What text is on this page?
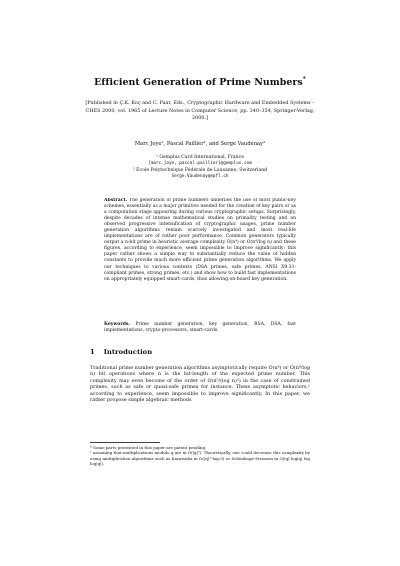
Efficient Generation of Prime Numbers*
[Published in Ç.K. Koç and C. Paar, Eds., Cryptographic Hardware and Embedded Systems – CHES 2000, vol. 1965 of Lecture Notes in Computer Science, pp. 340–354, Springer-Verlag, 2000.]
Marc Joye¹, Pascal Paillier¹, and Serge Vaudenay²
¹ Gemplus Card International, France
{marc.joye, pascal.paillier}@gemplus.com
² École Polytechnique Fédérale de Lausanne, Switzerland
Serge.Vaudenay@epfl.ch
Abstract. The generation of prime numbers underlies the use of most public-key schemes, essentially as a major primitive needed for the creation of key pairs or as a computation stage appearing during various cryptographic setups. Surprisingly, despite decades of intense mathematical studies on primality testing and an observed progressive intensification of cryptographic usages, prime number generation algorithms remain scarcely investigated and most real-life implementations are of rather poor performance. Common generators typically output a n-bit prime in heuristic average complexity O(n⁴) or O(n⁴/log n) and these figures, according to experience, seem impossible to improve significantly: this paper rather shows a simple way to substantially reduce the value of hidden constants to provide much more efficient prime generation algorithms. We apply our techniques to various contexts (DSA primes, safe primes, ANSI X9.31-compliant primes, strong primes, etc.) and show how to build fast implementations on appropriately equipped smart-cards, thus allowing on-board key generation.
Keywords. Prime number generation, key generation, RSA, DSA, fast implementations, crypto-processors, smart-cards.
1 Introduction
Traditional prime number generation algorithms asymptotically require O(n⁴) or O(n⁴/log n) bit operations where n is the bit-length of the expected prime number. This complexity may even become of the order of O(n⁵/(log n)²) in the case of constrained primes, such as safe or quasi-safe primes for instance. These asymptotic behaviors,¹ according to experience, seem impossible to improve significantly. In this paper, we rather propose simple algebraic methods
* Some parts presented in this paper are patent pending.
¹ assuming that multiplications modulo q are in O(|q|²). Theoretically, one could decrease this complexity by using multiplication algorithms such as Karatsuba in O(|q|^log₂3) or Schönhage-Strassen in O(|q| log|q| log log|q|).
